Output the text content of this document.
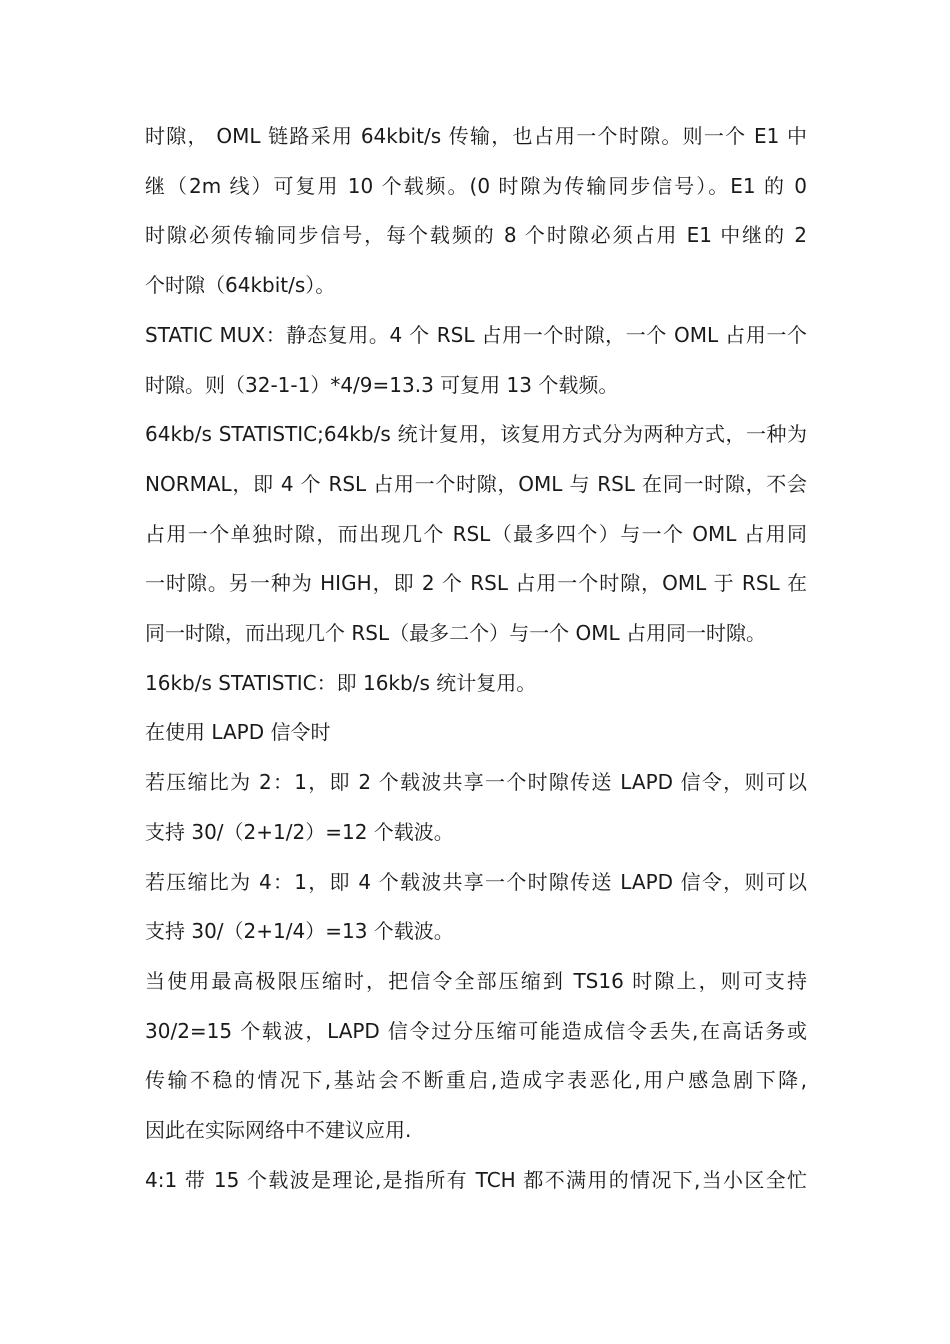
时隙， OML 链路采用 64kbit/s 传输，也占用一个时隙。则一个 E1 中
继（2m 线）可复用 10 个载频。(0 时隙为传输同步信号）。E1 的 0
时隙必须传输同步信号，每个载频的 8 个时隙必须占用 E1 中继的 2
个时隙（64kbit/s）。

STATIC MUX：静态复用。4 个 RSL 占用一个时隙，一个 OML 占用一个
时隙。则（32-1-1）*4/9=13.3 可复用 13 个载频。

64kb/s STATISTIC;64kb/s 统计复用，该复用方式分为两种方式，一种为
NORMAL，即 4 个 RSL 占用一个时隙，OML 与 RSL 在同一时隙，不会
占用一个单独时隙，而出现几个 RSL（最多四个）与一个 OML 占用同
一时隙。另一种为 HIGH，即 2 个 RSL 占用一个时隙，OML 于 RSL 在
同一时隙，而出现几个 RSL（最多二个）与一个 OML 占用同一时隙。

16kb/s STATISTIC：即 16kb/s 统计复用。

在使用 LAPD 信令时

若压缩比为 2：1，即 2 个载波共享一个时隙传送 LAPD 信令，则可以
支持 30/（2+1/2）=12 个载波。

若压缩比为 4：1，即 4 个载波共享一个时隙传送 LAPD 信令，则可以
支持 30/（2+1/4）=13 个载波。

当使用最高极限压缩时，把信令全部压缩到 TS16 时隙上，则可支持
30/2=15 个载波，LAPD 信令过分压缩可能造成信令丢失,在高话务或
传输不稳的情况下,基站会不断重启,造成字表恶化,用户感急剧下降,
因此在实际网络中不建议应用.

4:1 带 15 个载波是理论,是指所有 TCH 都不满用的情况下,当小区全忙
